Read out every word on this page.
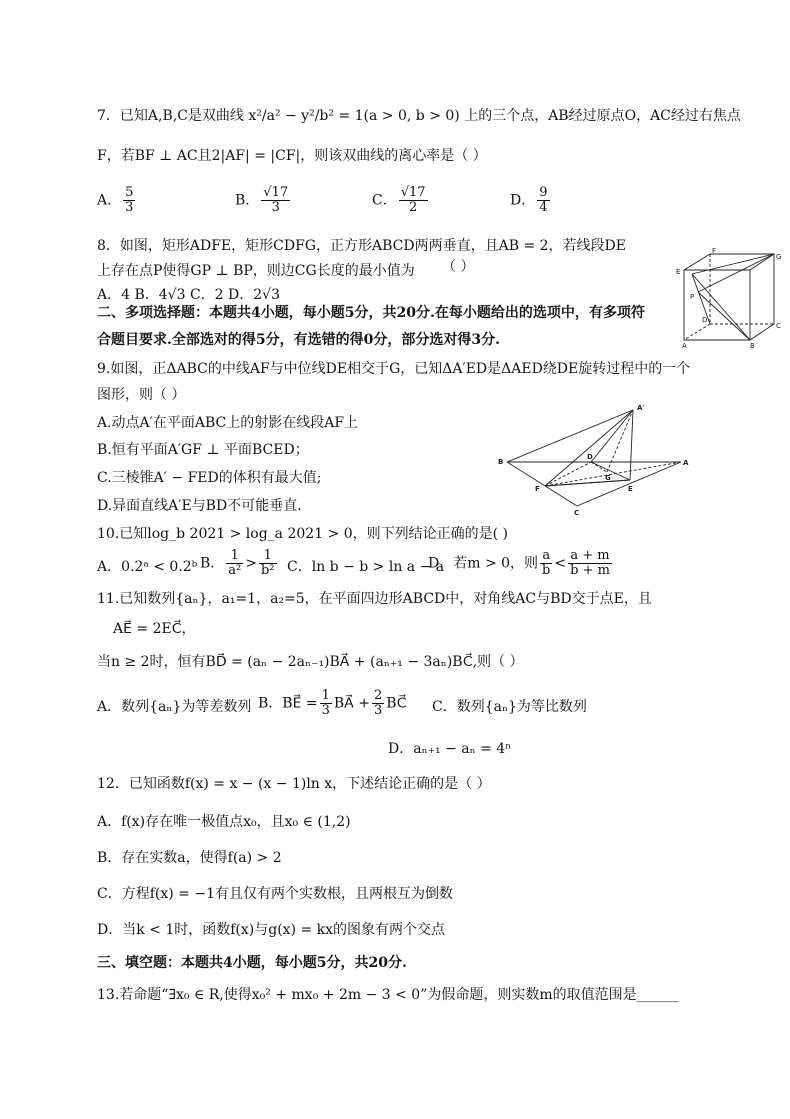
7．已知A,B,C是双曲线 x²/a² − y²/b² = 1(a > 0, b > 0) 上的三个点，AB经过原点O，AC经过右焦点
F，若BF ⊥ AC且2|AF| = |CF|，则该双曲线的离心率是（ ）
A． $\frac{5}{3}$	B． $\frac{√17}{3}$	C． $\frac{√17}{2}$	D． $\frac{9}{4}$
8．如图，矩形ADFE，矩形CDFG，正方形ABCD两两垂直，且AB = 2，若线段DE
上存在点P使得GP ⊥ BP，则边CG长度的最小值为 （ ）
A．4 B．4√3 C．2 D．2√3
F
G
E
P
D
C
A	B
二、多项选择题：本题共4小题，每小题5分，共20分.在每小题给出的选项中，有多项符
合题目要求.全部选对的得5分，有选错的得0分，部分选对得3分.
9.如图，正ΔABC的中线AF与中位线DE相交于G，已知ΔA′ED是ΔAED绕DE旋转过程中的一个
图形，则（ ）
A.动点A′在平面ABC上的射影在线段AF上
B.恒有平面A′GF ⊥ 平面BCED；
C.三棱锥A′ − FED的体积有最大值;
D.异面直线A′E与BD不可能垂直.
A′
B
D
A
G
F	E
C
10.已知log_b 2021 > log_a 2021 > 0，则下列结论正确的是( )
A．0.2ᵃ < 0.2ᵇ B． $\frac{1}{\text{a²}} > \frac{1}{\text{b²}}$ C．ln b − b > ln a − a
D．若m > 0，则 $\frac{a}{b} < \frac{a + m}{b + m}$
11.已知数列{aₙ}，a₁=1，a₂=5，在平面四边形ABCD中，对角线AC与BD交于点E，且
AE⃗ = 2EC⃗，
当n ≥ 2时，恒有BD⃗ = (aₙ − 2aₙ₋₁)BA⃗ + (aₙ₊₁ − 3aₙ)BC⃗,则（ ）
A．数列{aₙ}为等差数列 B．BE⃗ = $\frac{1}{3}$ BA⃗ + $\frac{2}{3}$ BC⃗ C．数列{aₙ}为等比数列
D．aₙ₊₁ − aₙ = 4ⁿ
12．已知函数f(x) = x − (x − 1)ln x，下述结论正确的是（ ）
A．f(x)存在唯一极值点x₀，且x₀ ∈ (1,2)
B．存在实数a，使得f(a) > 2
C．方程f(x) = −1有且仅有两个实数根，且两根互为倒数
D．当k < 1时，函数f(x)与g(x) = kx的图象有两个交点
三、填空题：本题共4小题，每小题5分，共20分.
13.若命题“∃x₀ ∈ R,使得x₀² + mx₀ + 2m − 3 < 0”为假命题，则实数m的取值范围是______
